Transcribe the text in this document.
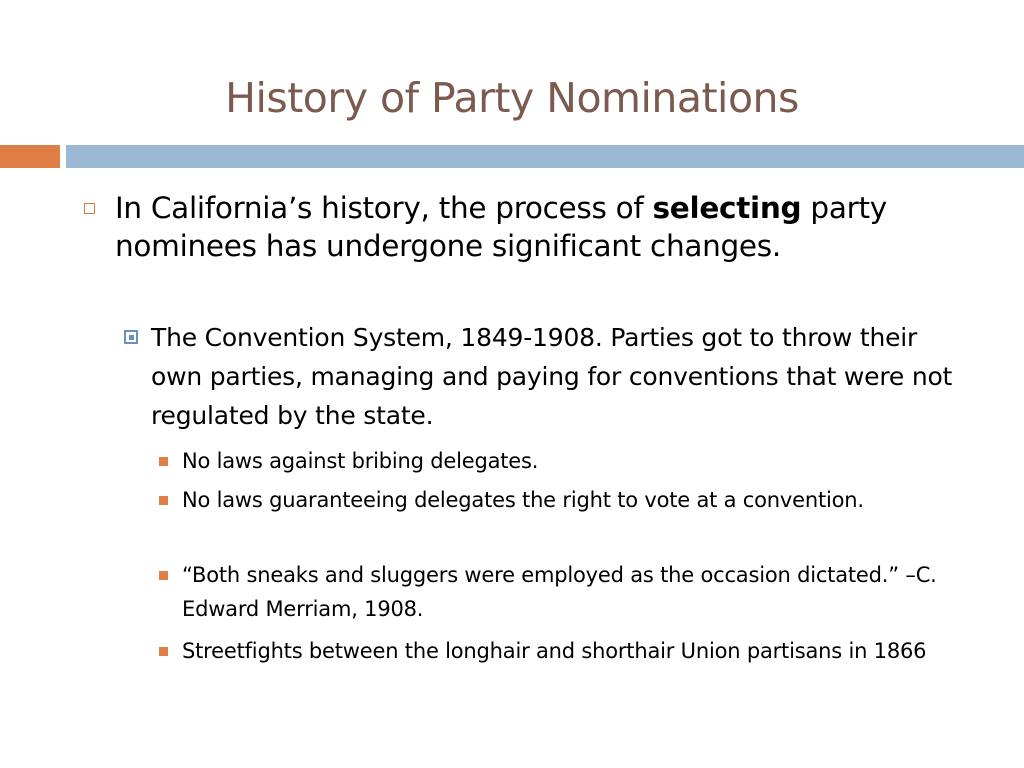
History of Party Nominations
In California’s history, the process of selecting party nominees has undergone significant changes.
The Convention System, 1849-1908. Parties got to throw their own parties, managing and paying for conventions that were not regulated by the state.
No laws against bribing delegates.
No laws guaranteeing delegates the right to vote at a convention.
“Both sneaks and sluggers were employed as the occasion dictated.” –C. Edward Merriam, 1908.
Streetfights between the longhair and shorthair Union partisans in 1866
